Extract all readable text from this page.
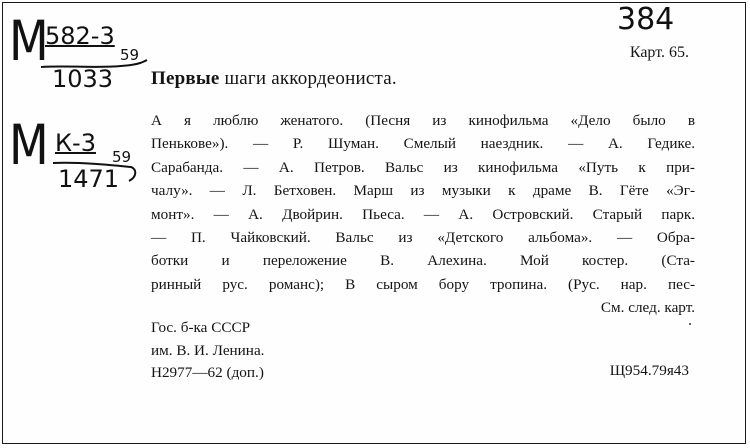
М
582-3
1033
59
М К-3
1471
59
384
Карт. 65.
Первые шаги аккордеониста.
А я люблю женатого. (Песня из кинофильма «Дело было в
Пеньковe»). — Р. Шуман. Смелый наездник. — А. Гедике.
Сарабанда. — А. Петров. Вальс из кинофильма «Путь к при-
чалу». — Л. Бетховен. Марш из музыки к драме В. Гёте «Эг-
монт». — А. Двойрин. Пьеса. — А. Островский. Старый парк.
— П. Чайковский. Вальс из «Детского альбома». — Обра-
ботки и переложение В. Алехина. Мой костер. (Ста-
ринный рус. романс); В сыром бору тропина. (Рус. нар. пес-
См. след. карт.
Гос. б-ка СССР
им. В. И. Ленина.
Н2977—62 (доп.)	Щ954.79я43
